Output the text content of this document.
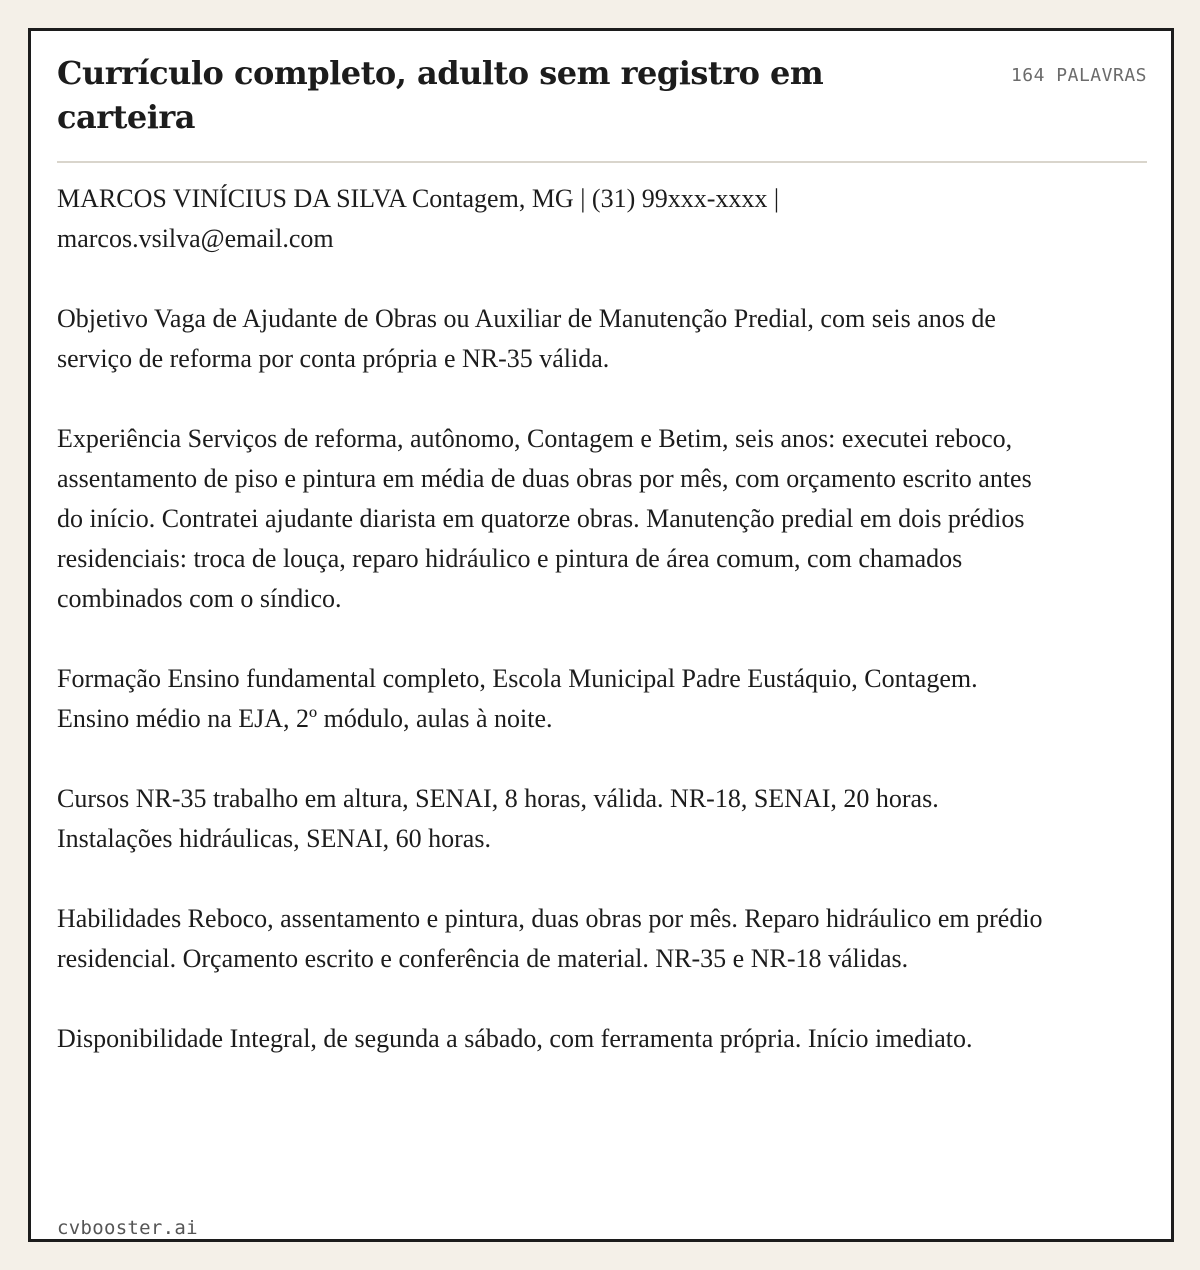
Currículo completo, adulto sem registro em carteira
164 PALAVRAS

MARCOS VINÍCIUS DA SILVA Contagem, MG | (31) 99xxx-xxxx | marcos.vsilva@email.com

Objetivo Vaga de Ajudante de Obras ou Auxiliar de Manutenção Predial, com seis anos de serviço de reforma por conta própria e NR-35 válida.

Experiência Serviços de reforma, autônomo, Contagem e Betim, seis anos: executei reboco, assentamento de piso e pintura em média de duas obras por mês, com orçamento escrito antes do início. Contratei ajudante diarista em quatorze obras. Manutenção predial em dois prédios residenciais: troca de louça, reparo hidráulico e pintura de área comum, com chamados combinados com o síndico.

Formação Ensino fundamental completo, Escola Municipal Padre Eustáquio, Contagem. Ensino médio na EJA, 2º módulo, aulas à noite.

Cursos NR-35 trabalho em altura, SENAI, 8 horas, válida. NR-18, SENAI, 20 horas. Instalações hidráulicas, SENAI, 60 horas.

Habilidades Reboco, assentamento e pintura, duas obras por mês. Reparo hidráulico em prédio residencial. Orçamento escrito e conferência de material. NR-35 e NR-18 válidas.

Disponibilidade Integral, de segunda a sábado, com ferramenta própria. Início imediato.

cvbooster.ai
